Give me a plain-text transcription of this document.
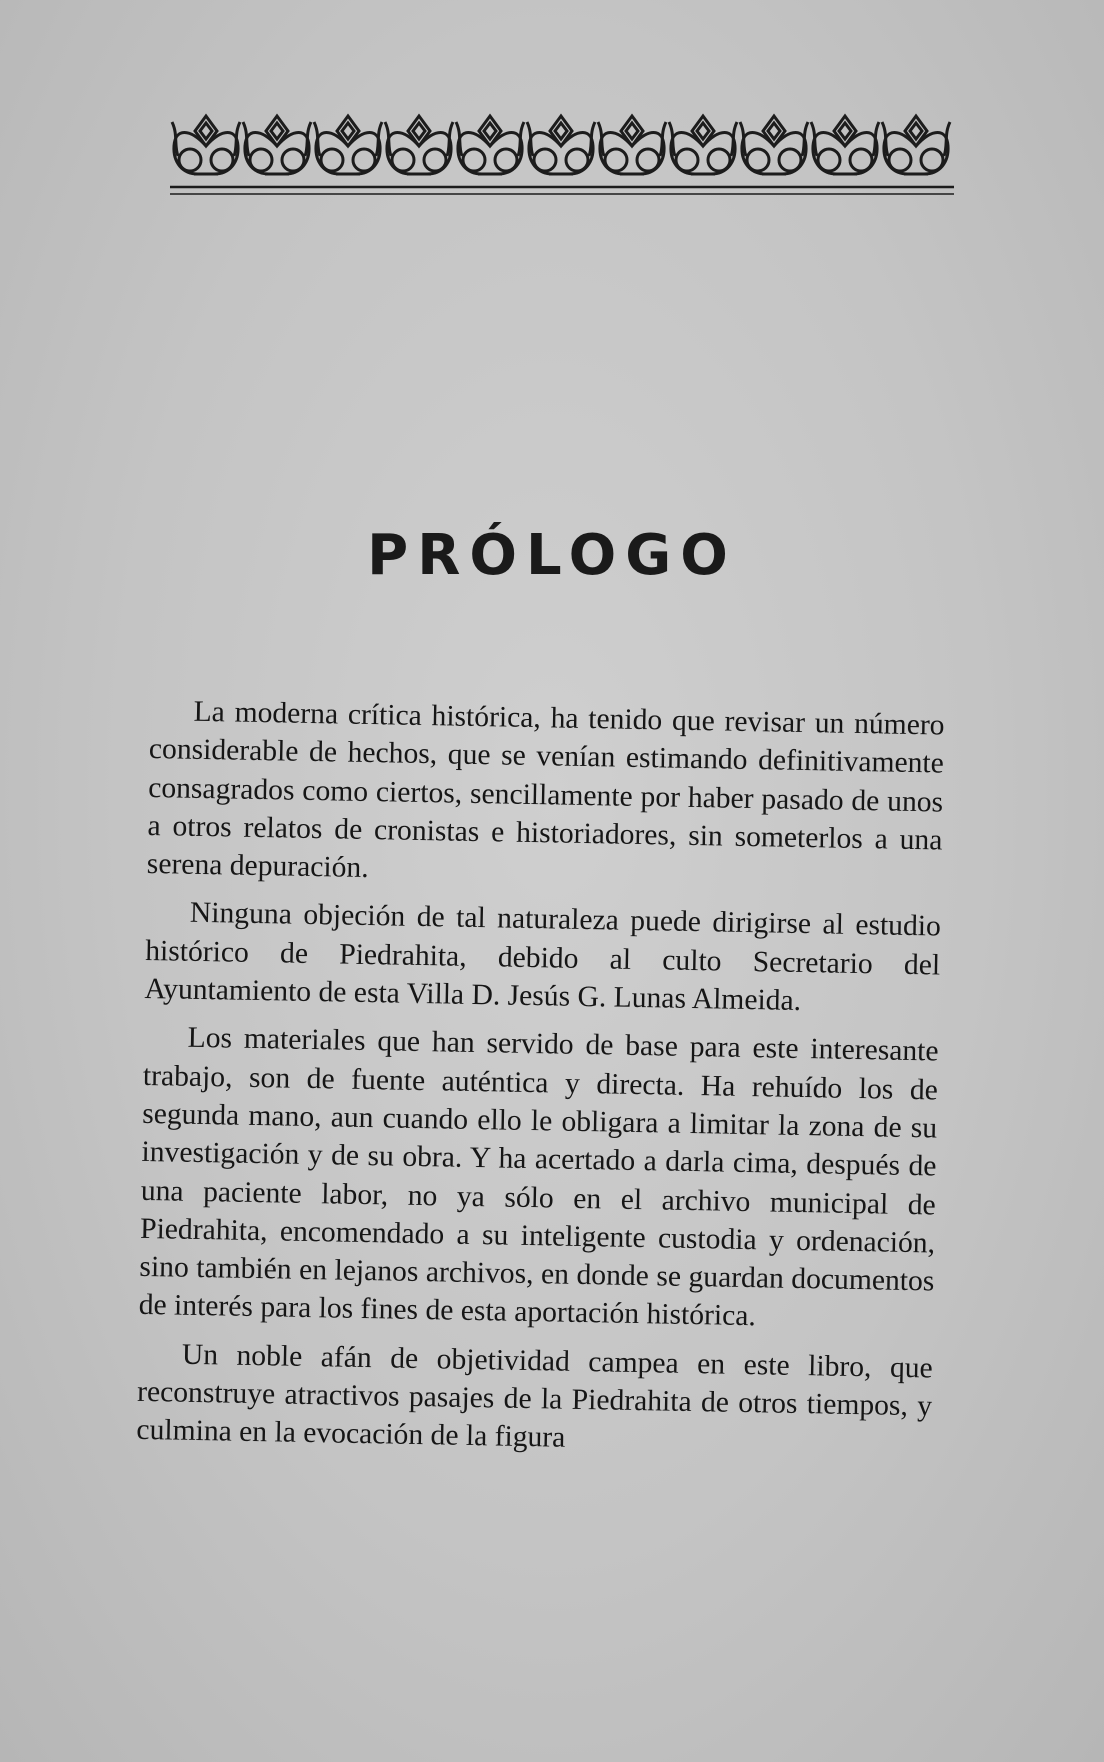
PRÓLOGO

La moderna crítica histórica, ha tenido que revisar un número considerable de hechos, que se venían estimando definitivamente consagrados como ciertos, sencillamente por haber pasado de unos a otros relatos de cronistas e historiadores, sin someterlos a una serena depuración.

Ninguna objeción de tal naturaleza puede dirigirse al estudio histórico de Piedrahita, debido al culto Secretario del Ayuntamiento de esta Villa D. Jesús G. Lunas Almeida.

Los materiales que han servido de base para este interesante trabajo, son de fuente auténtica y directa. Ha rehuído los de segunda mano, aun cuando ello le obligara a limitar la zona de su investigación y de su obra. Y ha acertado a darla cima, después de una paciente labor, no ya sólo en el archivo municipal de Piedrahita, encomendado a su inteligente custodia y ordenación, sino también en lejanos archivos, en donde se guardan documentos de interés para los fines de esta aportación histórica.

Un noble afán de objetividad campea en este libro, que reconstruye atractivos pasajes de la Piedrahita de otros tiempos, y culmina en la evocación de la figura
